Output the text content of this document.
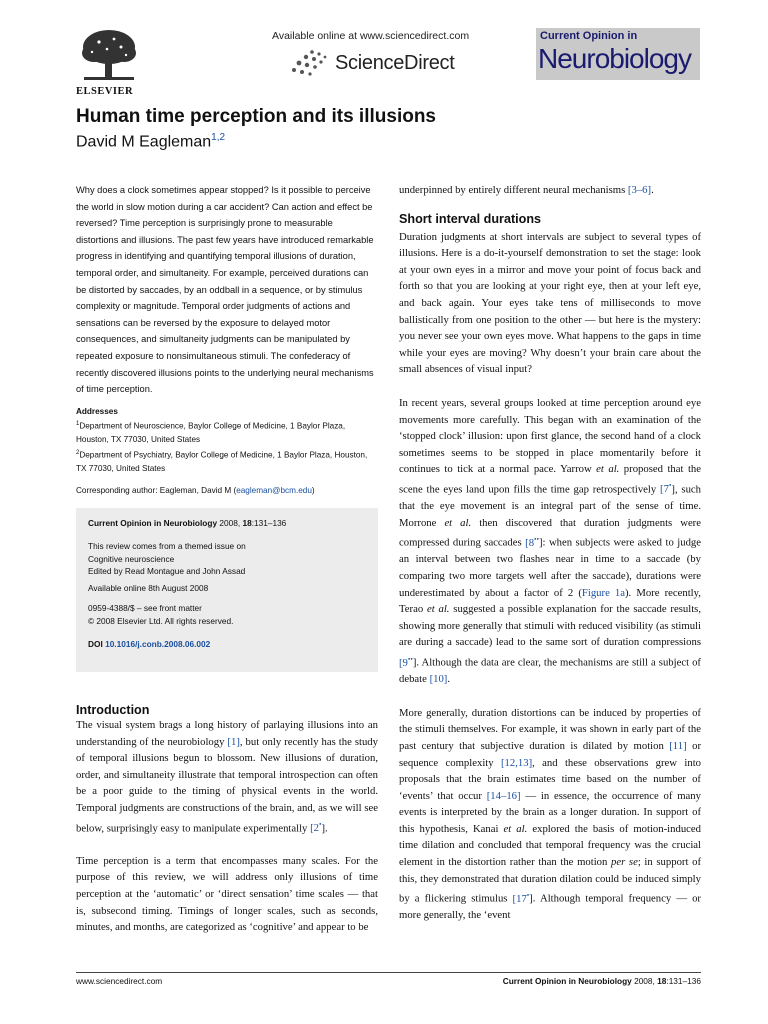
ELSEVIER
Available online at www.sciencedirect.com
ScienceDirect
Current Opinion in
Neurobiology
Human time perception and its illusions
David M Eagleman$^{1,2}$

Why does a clock sometimes appear stopped? Is it possible to perceive the world in slow motion during a car accident? Can action and effect be reversed? Time perception is surprisingly prone to measurable distortions and illusions. The past few years have introduced remarkable progress in identifying and quantifying temporal illusions of duration, temporal order, and simultaneity. For example, perceived durations can be distorted by saccades, by an oddball in a sequence, or by stimulus complexity or magnitude. Temporal order judgments of actions and sensations can be reversed by the exposure to delayed motor consequences, and simultaneity judgments can be manipulated by repeated exposure to nonsimultaneous stimuli. The confederacy of recently discovered illusions points to the underlying neural mechanisms of time perception.

Addresses
$^1$Department of Neuroscience, Baylor College of Medicine, 1 Baylor Plaza, Houston, TX 77030, United States
$^2$Department of Psychiatry, Baylor College of Medicine, 1 Baylor Plaza, Houston, TX 77030, United States
Corresponding author: Eagleman, David M (eagleman@bcm.edu)
Current Opinion in Neurobiology 2008, 18:131–136
This review comes from a themed issue on
Cognitive neuroscience
Edited by Read Montague and John Assad
Available online 8th August 2008
0959-4388/$ – see front matter
© 2008 Elsevier Ltd. All rights reserved.
DOI 10.1016/j.conb.2008.06.002
Introduction

The visual system brags a long history of parlaying illusions into an understanding of the neurobiology [1], but only recently has the study of temporal illusions begun to blossom. New illusions of duration, order, and simultaneity illustrate that temporal introspection can often be a poor guide to the timing of physical events in the world. Temporal judgments are constructions of the brain, and, as we will see below, surprisingly easy to manipulate experimentally [2•].

Time perception is a term that encompasses many scales. For the purpose of this review, we will address only illusions of time perception at the ‘automatic’ or ‘direct sensation’ time scales — that is, subsecond timing. Timings of longer scales, such as seconds, minutes, and months, are categorized as ‘cognitive’ and appear to be

underpinned by entirely different neural mechanisms [3–6].

Short interval durations

Duration judgments at short intervals are subject to several types of illusions. Here is a do-it-yourself demonstration to set the stage: look at your own eyes in a mirror and move your point of focus back and forth so that you are looking at your right eye, then at your left eye, and back again. Your eyes take tens of milliseconds to move ballistically from one position to the other — but here is the mystery: you never see your own eyes move. What happens to the gaps in time while your eyes are moving? Why doesn’t your brain care about the small absences of visual input?

In recent years, several groups looked at time perception around eye movements more carefully. This began with an examination of the ‘stopped clock’ illusion: upon first glance, the second hand of a clock sometimes seems to be stopped in place momentarily before it continues to tick at a normal pace. Yarrow et al. proposed that the scene the eyes land upon fills the time gap retrospectively [7•], such that the eye movement is an integral part of the sense of time. Morrone et al. then discovered that duration judgments were compressed during saccades [8••]: when subjects were asked to judge an interval between two flashes near in time to a saccade (by comparing two more targets well after the saccade), durations were underestimated by about a factor of 2 (Figure 1a). More recently, Terao et al. suggested a possible explanation for the saccade results, showing more generally that stimuli with reduced visibility (as stimuli are during a saccade) lead to the same sort of duration compressions [9••]. Although the data are clear, the mechanisms are still a subject of debate [10].

More generally, duration distortions can be induced by properties of the stimuli themselves. For example, it was shown in early part of the past century that subjective duration is dilated by motion [11] or sequence complexity [12,13], and these observations grew into proposals that the brain estimates time based on the number of ‘events’ that occur [14–16] — in essence, the occurrence of many events is interpreted by the brain as a longer duration. In support of this hypothesis, Kanai et al. explored the basis of motion-induced time dilation and concluded that temporal frequency was the crucial element in the distortion rather than the motion per se; in support of this, they demonstrated that duration dilation could be induced simply by a flickering stimulus [17•]. Although temporal frequency — or more generally, the ‘event

www.sciencedirect.com	Current Opinion in Neurobiology 2008, 18:131–136
